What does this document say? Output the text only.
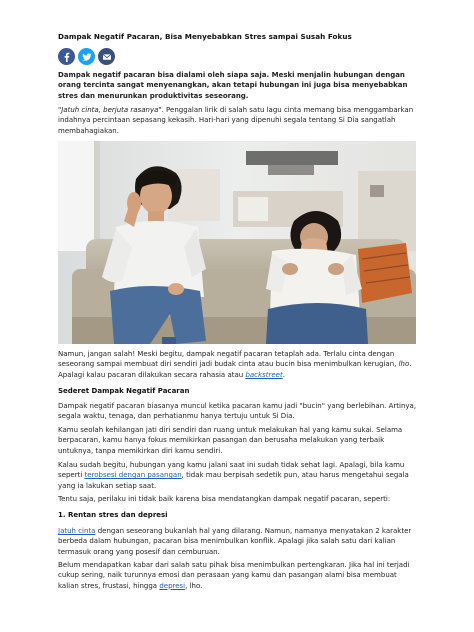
Dampak Negatif Pacaran, Bisa Menyebabkan Stres sampai Susah Fokus

Dampak negatif pacaran bisa dialami oleh siapa saja. Meski menjalin hubungan dengan orang tercinta sangat menyenangkan, akan tetapi hubungan ini juga bisa menyebabkan stres dan menurunkan produktivitas seseorang.

"Jatuh cinta, berjuta rasanya". Penggalan lirik di salah satu lagu cinta memang bisa menggambarkan indahnya percintaan sepasang kekasih. Hari-hari yang dipenuhi segala tentang Si Dia sangatlah membahagiakan.

Namun, jangan salah! Meski begitu, dampak negatif pacaran tetaplah ada. Terlalu cinta dengan seseorang sampai membuat diri sendiri jadi budak cinta atau bucin bisa menimbulkan kerugian, lho. Apalagi kalau pacaran dilakukan secara rahasia atau backstreet.

Sederet Dampak Negatif Pacaran

Dampak negatif pacaran biasanya muncul ketika pacaran kamu jadi "bucin" yang berlebihan. Artinya, segala waktu, tenaga, dan perhatianmu hanya tertuju untuk Si Dia.

Kamu seolah kehilangan jati diri sendiri dan ruang untuk melakukan hal yang kamu sukai. Selama berpacaran, kamu hanya fokus memikirkan pasangan dan berusaha melakukan yang terbaik untuknya, tanpa memikirkan diri kamu sendiri.

Kalau sudah begitu, hubungan yang kamu jalani saat ini sudah tidak sehat lagi. Apalagi, bila kamu seperti terobsesi dengan pasangan, tidak mau berpisah sedetik pun, atau harus mengetahui segala yang ia lakukan setiap saat.

Tentu saja, perilaku ini tidak baik karena bisa mendatangkan dampak negatif pacaran, seperti:

1. Rentan stres dan depresi

Jatuh cinta dengan seseorang bukanlah hal yang dilarang. Namun, namanya menyatakan 2 karakter berbeda dalam hubungan, pacaran bisa menimbulkan konflik. Apalagi jika salah satu dari kalian termasuk orang yang posesif dan cemburuan.

Belum mendapatkan kabar dari salah satu pihak bisa menimbulkan pertengkaran. Jika hal ini terjadi cukup sering, naik turunnya emosi dan perasaan yang kamu dan pasangan alami bisa membuat kalian stres, frustasi, hingga depresi, lho.
